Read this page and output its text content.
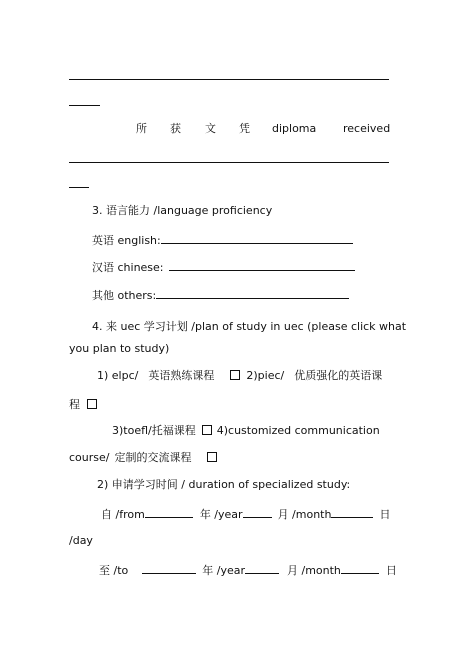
所 获 文 凭 diploma received
3. 语言能力 /language proficiency
英语 english:
汉语 chinese:
其他 others:
4. 来 uec 学习计划 /plan of study in uec (please click what
you plan to study)
1) elpc/ 英语熟练课程	2)piec/ 优质强化的英语课
程
3)toefl/托福课程 4)customized communication
course/ 定制的交流课程
2) 申请学习时间 / duration of specialized study:
自 /from	年 /year	月 /month	日
/day
至 /to	年 /year	月 /month	日
